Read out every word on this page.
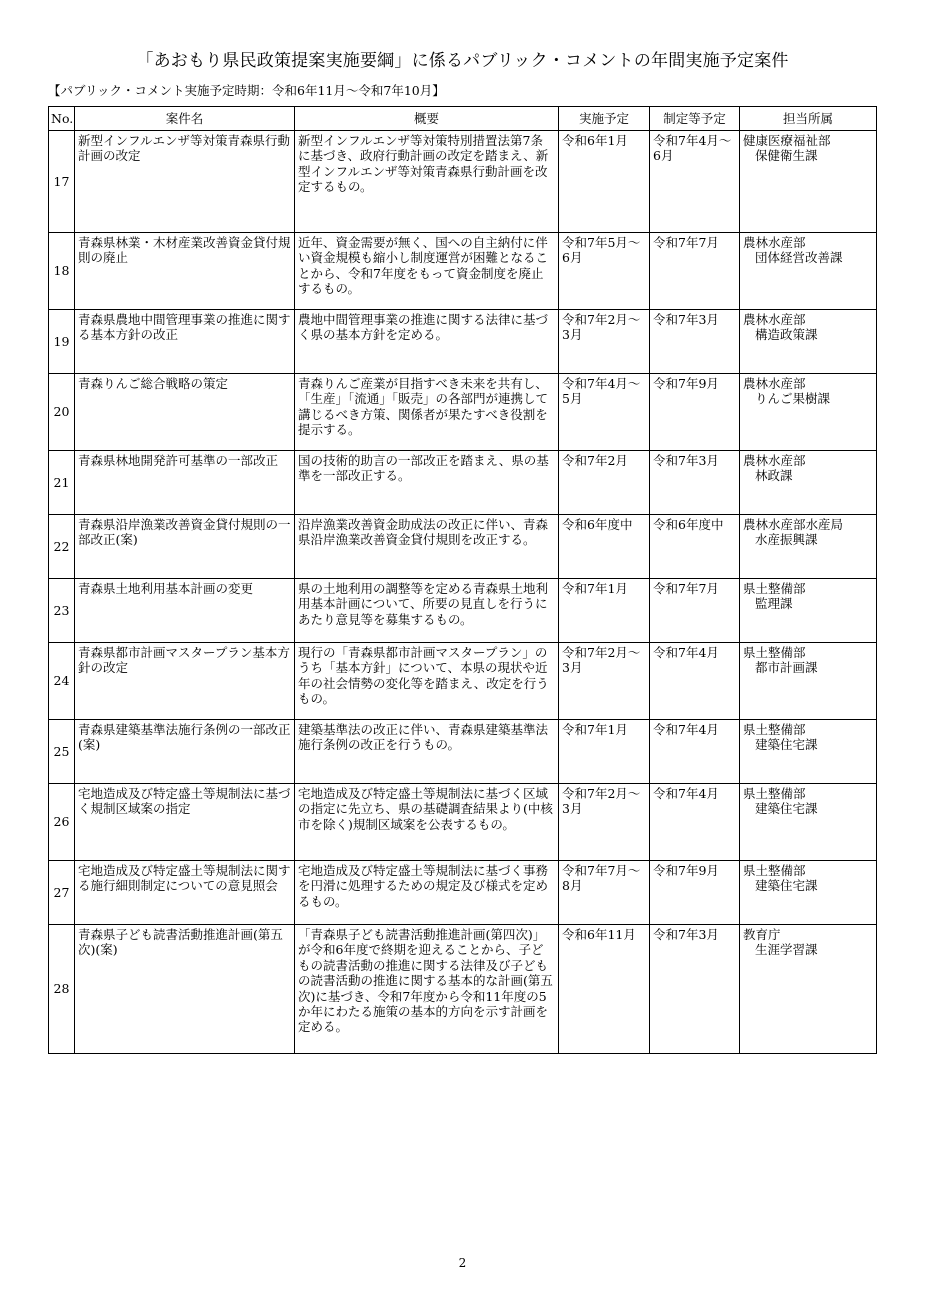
「あおもり県民政策提案実施要綱」に係るパブリック・コメントの年間実施予定案件
【パブリック・コメント実施予定時期：令和6年11月～令和7年10月】
No.	案件名	概要	実施予定	制定等予定	担当所属
17	新型インフルエンザ等対策青森県行動計画の改定	新型インフルエンザ等対策特別措置法第7条に基づき、政府行動計画の改定を踏まえ、新型インフルエンザ等対策青森県行動計画を改定するもの。	令和6年1月	令和7年4月～6月	健康医療福祉部
保健衛生課

18	青森県林業・木材産業改善資金貸付規則の廃止	近年、資金需要が無く、国への自主納付に伴い資金規模も縮小し制度運営が困難となることから、令和7年度をもって資金制度を廃止するもの。	令和7年5月～6月	令和7年7月	農林水産部
団体経営改善課

19	青森県農地中間管理事業の推進に関する基本方針の改正	農地中間管理事業の推進に関する法律に基づく県の基本方針を定める。	令和7年2月～3月	令和7年3月	農林水産部
構造政策課

20	青森りんご総合戦略の策定	青森りんご産業が目指すべき未来を共有し、「生産」「流通」「販売」の各部門が連携して講じるべき方策、関係者が果たすべき役割を提示する。	令和7年4月～5月	令和7年9月	農林水産部
りんご果樹課

21	青森県林地開発許可基準の一部改正	国の技術的助言の一部改正を踏まえ、県の基準を一部改正する。	令和7年2月	令和7年3月	農林水産部
林政課

22	青森県沿岸漁業改善資金貸付規則の一部改正(案)	沿岸漁業改善資金助成法の改正に伴い、青森県沿岸漁業改善資金貸付規則を改正する。	令和6年度中	令和6年度中	農林水産部水産局
水産振興課

23	青森県土地利用基本計画の変更	県の土地利用の調整等を定める青森県土地利用基本計画について、所要の見直しを行うにあたり意見等を募集するもの。	令和7年1月	令和7年7月	県土整備部
監理課

24	青森県都市計画マスタープラン基本方針の改定	現行の「青森県都市計画マスタープラン」のうち「基本方針」について、本県の現状や近年の社会情勢の変化等を踏まえ、改定を行うもの。	令和7年2月～3月	令和7年4月	県土整備部
都市計画課

25	青森県建築基準法施行条例の一部改正(案)	建築基準法の改正に伴い、青森県建築基準法施行条例の改正を行うもの。	令和7年1月	令和7年4月	県土整備部
建築住宅課

26	宅地造成及び特定盛土等規制法に基づく規制区域案の指定	宅地造成及び特定盛土等規制法に基づく区域の指定に先立ち、県の基礎調査結果より(中核市を除く)規制区域案を公表するもの。	令和7年2月～3月	令和7年4月	県土整備部
建築住宅課

27	宅地造成及び特定盛土等規制法に関する施行細則制定についての意見照会	宅地造成及び特定盛土等規制法に基づく事務を円滑に処理するための規定及び様式を定めるもの。	令和7年7月～8月	令和7年9月	県土整備部
建築住宅課

28	青森県子ども読書活動推進計画(第五次)(案)	「青森県子ども読書活動推進計画(第四次)」が令和6年度で終期を迎えることから、子どもの読書活動の推進に関する法律及び子どもの読書活動の推進に関する基本的な計画(第五次)に基づき、令和7年度から令和11年度の5か年にわたる施策の基本的方向を示す計画を定める。	令和6年11月	令和7年3月	教育庁
生涯学習課
2
